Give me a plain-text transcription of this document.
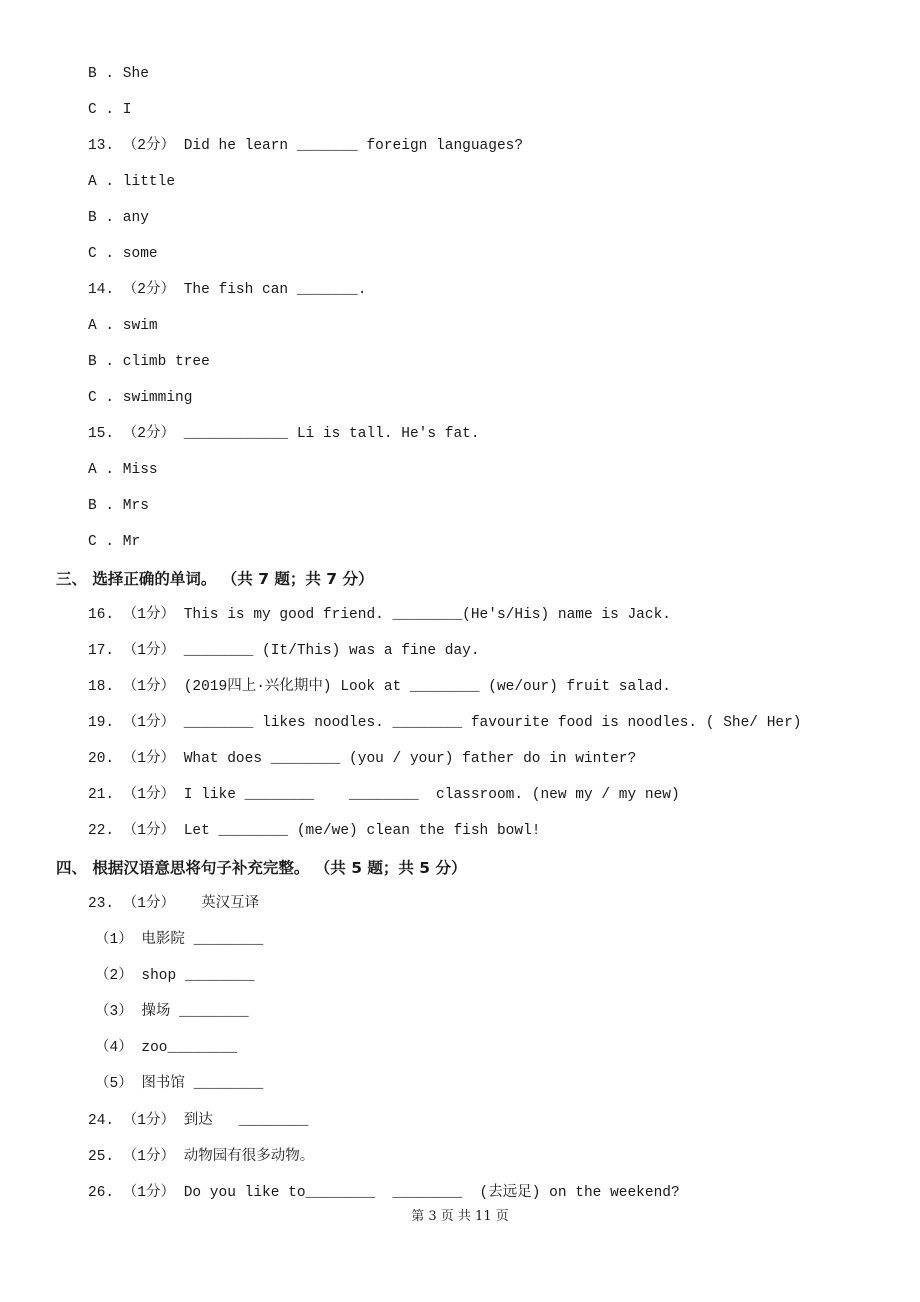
B . She
C . I
13. （2分） Did he learn _______ foreign languages?
A . little
B . any
C . some
14. （2分） The fish can _______.
A . swim
B . climb tree
C . swimming
15. （2分） ____________ Li is tall. He's fat.
A . Miss
B . Mrs
C . Mr
三、 选择正确的单词。 （共 7 题；共 7 分）
16. （1分） This is my good friend. ________(He's/His) name is Jack.
17. （1分） ________ (It/This) was a fine day.
18. （1分） (2019四上·兴化期中) Look at ________ (we/our) fruit salad.
19. （1分） ________ likes noodles. ________ favourite food is noodles. ( She/ Her)
20. （1分） What does ________ (you / your) father do in winter?
21. （1分） I like ________    ________  classroom. (new my / my new)
22. （1分） Let ________ (me/we) clean the fish bowl!
四、 根据汉语意思将句子补充完整。 （共 5 题；共 5 分）
23. （1分）   英汉互译
（1） 电影院 ________
（2） shop ________
（3） 操场 ________
（4） zoo________
（5） 图书馆 ________
24. （1分） 到达   ________
25. （1分） 动物园有很多动物。
26. （1分） Do you like to________  ________  (去远足) on the weekend?
第 3 页 共 11 页
